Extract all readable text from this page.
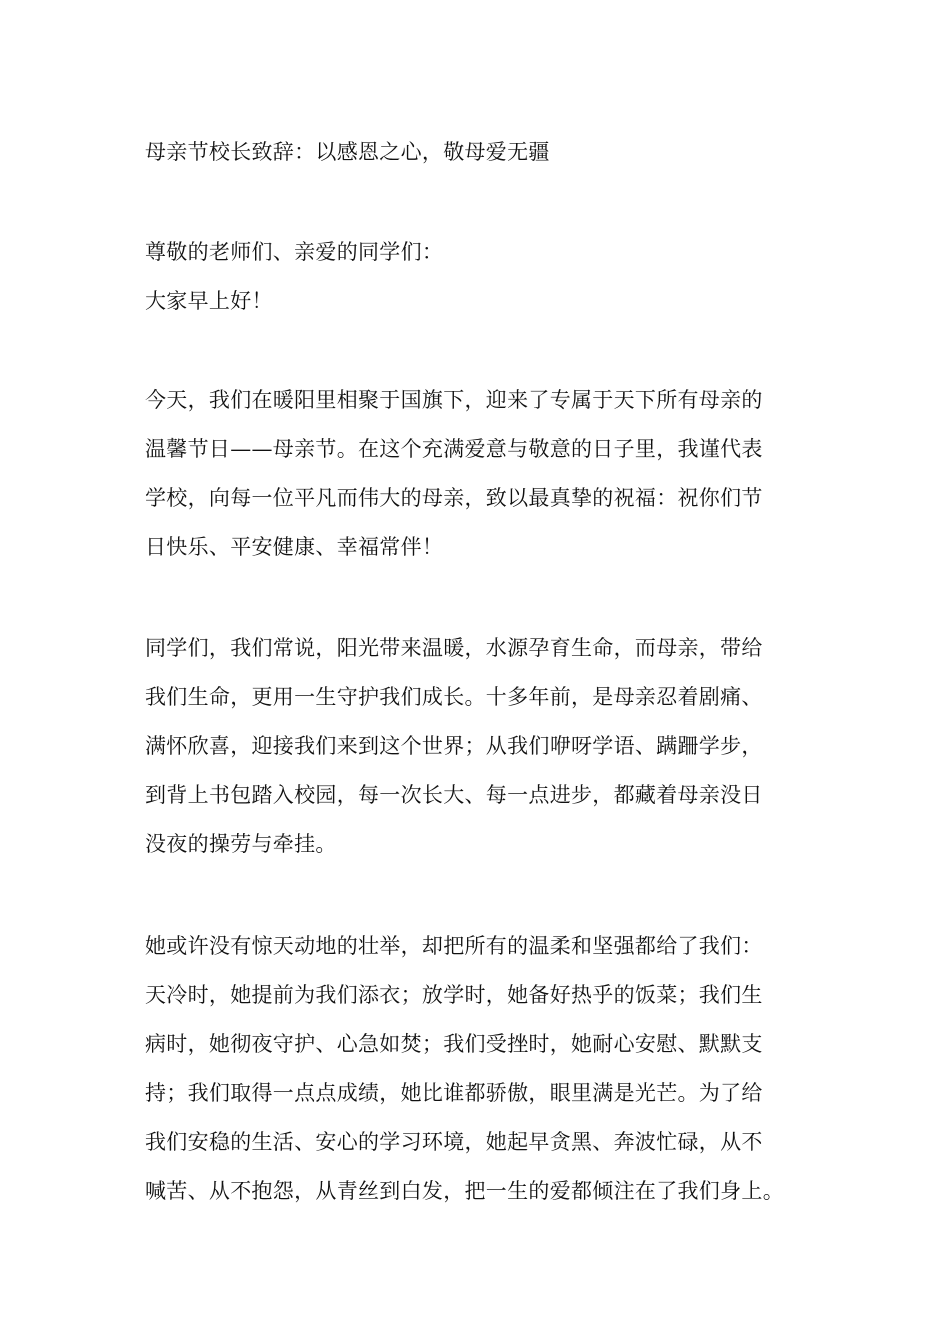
母亲节校长致辞：以感恩之心，敬母爱无疆
尊敬的老师们、亲爱的同学们：
大家早上好！
今天，我们在暖阳里相聚于国旗下，迎来了专属于天下所有母亲的
温馨节日——母亲节。在这个充满爱意与敬意的日子里，我谨代表
学校，向每一位平凡而伟大的母亲，致以最真挚的祝福：祝你们节
日快乐、平安健康、幸福常伴！
同学们，我们常说，阳光带来温暖，水源孕育生命，而母亲，带给
我们生命，更用一生守护我们成长。十多年前，是母亲忍着剧痛、
满怀欣喜，迎接我们来到这个世界；从我们咿呀学语、蹒跚学步，
到背上书包踏入校园，每一次长大、每一点进步，都藏着母亲没日
没夜的操劳与牵挂。
她或许没有惊天动地的壮举，却把所有的温柔和坚强都给了我们：
天冷时，她提前为我们添衣；放学时，她备好热乎的饭菜；我们生
病时，她彻夜守护、心急如焚；我们受挫时，她耐心安慰、默默支
持；我们取得一点点成绩，她比谁都骄傲，眼里满是光芒。为了给
我们安稳的生活、安心的学习环境，她起早贪黑、奔波忙碌，从不
喊苦、从不抱怨，从青丝到白发，把一生的爱都倾注在了我们身上。
